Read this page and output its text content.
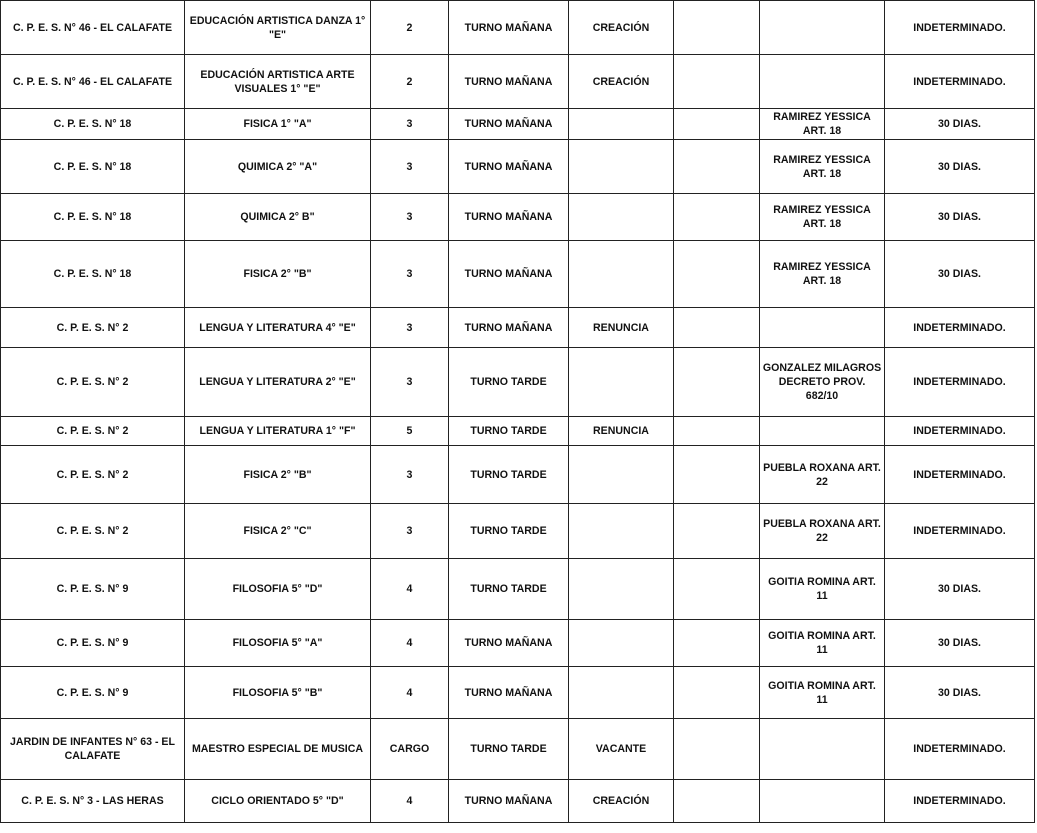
C. P. E. S. N° 46 - EL CALAFATE	EDUCACIÓN ARTISTICA DANZA 1° "E"	2	TURNO MAÑANA	CREACIÓN			INDETERMINADO.
C. P. E. S. N° 46 - EL CALAFATE	EDUCACIÓN ARTISTICA ARTE VISUALES 1° "E"	2	TURNO MAÑANA	CREACIÓN			INDETERMINADO.
C. P. E. S. N° 18	FISICA 1° "A"	3	TURNO MAÑANA			RAMIREZ YESSICA ART. 18	30 DIAS.
C. P. E. S. N° 18	QUIMICA 2° "A"	3	TURNO MAÑANA			RAMIREZ YESSICA ART. 18	30 DIAS.
C. P. E. S. N° 18	QUIMICA 2° B"	3	TURNO MAÑANA			RAMIREZ YESSICA ART. 18	30 DIAS.
C. P. E. S. N° 18	FISICA 2° "B"	3	TURNO MAÑANA			RAMIREZ YESSICA ART. 18	30 DIAS.
C. P. E. S. N° 2	LENGUA Y LITERATURA 4° "E"	3	TURNO MAÑANA	RENUNCIA			INDETERMINADO.
C. P. E. S. N° 2	LENGUA Y LITERATURA 2° "E"	3	TURNO TARDE			GONZALEZ MILAGROS DECRETO PROV. 682/10	INDETERMINADO.
C. P. E. S. N° 2	LENGUA Y LITERATURA 1° "F"	5	TURNO TARDE	RENUNCIA			INDETERMINADO.
C. P. E. S. N° 2	FISICA 2° "B"	3	TURNO TARDE			PUEBLA ROXANA ART. 22	INDETERMINADO.
C. P. E. S. N° 2	FISICA 2° "C"	3	TURNO TARDE			PUEBLA ROXANA ART. 22	INDETERMINADO.
C. P. E. S. N° 9	FILOSOFIA 5° "D"	4	TURNO TARDE			GOITIA ROMINA ART. 11	30 DIAS.
C. P. E. S. N° 9	FILOSOFIA 5° "A"	4	TURNO MAÑANA			GOITIA ROMINA ART. 11	30 DIAS.
C. P. E. S. N° 9	FILOSOFIA 5° "B"	4	TURNO MAÑANA			GOITIA ROMINA ART. 11	30 DIAS.
JARDIN DE INFANTES N° 63 - EL CALAFATE	MAESTRO ESPECIAL DE MUSICA	CARGO	TURNO TARDE	VACANTE			INDETERMINADO.
C. P. E. S. N° 3 - LAS HERAS	CICLO ORIENTADO 5° "D"	4	TURNO MAÑANA	CREACIÓN			INDETERMINADO.
